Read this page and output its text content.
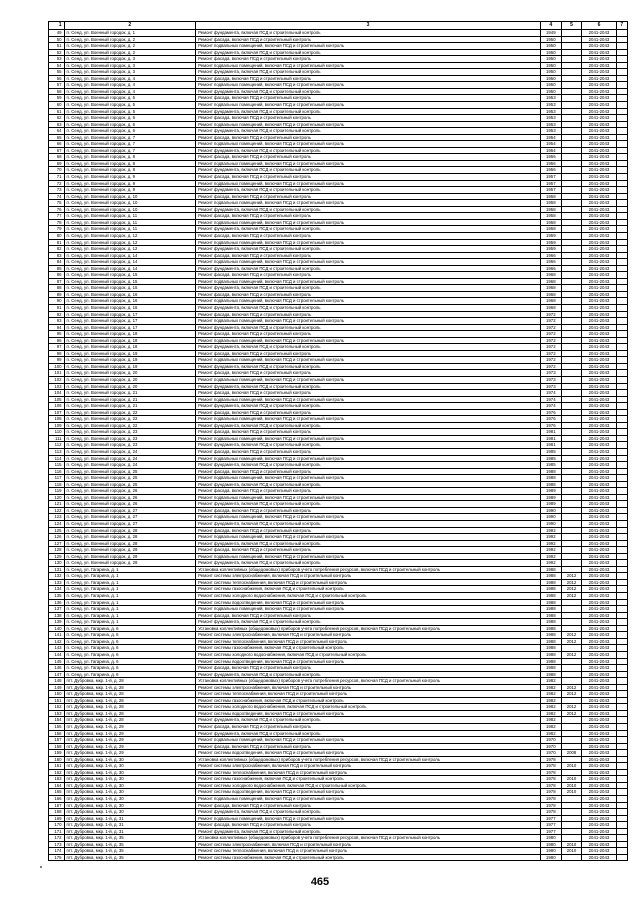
1	2	3	4	5	6	7
49	п. Сенд, ул. Военный городок, д. 1	Ремонт фундамента, включая ПСД и строительный контроль	1949		2041-2043	
50	п. Сенд, ул. Военный городок, д. 2	Ремонт фасада, включая ПСД и строительный контроль	1950		2041-2043	
51	п. Сенд, ул. Военный городок, д. 2	Ремонт подвальных помещений, включая ПСД и строительный контроль	1950		2041-2043	
52	п. Сенд, ул. Военный городок, д. 2	Ремонт фундамента, включая ПСД и строительный контроль	1950		2041-2043	
53	п. Сенд, ул. Военный городок, д. 3	Ремонт фасада, включая ПСД и строительный контроль	1950		2041-2043	
54	п. Сенд, ул. Военный городок, д. 3	Ремонт подвальных помещений, включая ПСД и строительный контроль	1950		2041-2043	
55	п. Сенд, ул. Военный городок, д. 3	Ремонт фундамента, включая ПСД и строительный контроль	1950		2041-2043	
56	п. Сенд, ул. Военный городок, д. 4	Ремонт фасада, включая ПСД и строительный контроль	1950		2041-2043	
57	п. Сенд, ул. Военный городок, д. 4	Ремонт подвальных помещений, включая ПСД и строительный контроль	1950		2041-2043	
58	п. Сенд, ул. Военный городок, д. 4	Ремонт фундамента, включая ПСД и строительный контроль	1950		2041-2043	
59	п. Сенд, ул. Военный городок, д. 5	Ремонт фасада, включая ПСД и строительный контроль	1953		2041-2043	
60	п. Сенд, ул. Военный городок, д. 5	Ремонт подвальных помещений, включая ПСД и строительный контроль	1953		2041-2043	
61	п. Сенд, ул. Военный городок, д. 5	Ремонт фундамента, включая ПСД и строительный контроль	1953		2041-2043	
62	п. Сенд, ул. Военный городок, д. 6	Ремонт фасада, включая ПСД и строительный контроль	1953		2041-2043	
63	п. Сенд, ул. Военный городок, д. 6	Ремонт подвальных помещений, включая ПСД и строительный контроль	1953		2041-2043	
64	п. Сенд, ул. Военный городок, д. 6	Ремонт фундамента, включая ПСД и строительный контроль	1953		2041-2043	
65	п. Сенд, ул. Военный городок, д. 7	Ремонт фасада, включая ПСД и строительный контроль	1954		2041-2043	
66	п. Сенд, ул. Военный городок, д. 7	Ремонт подвальных помещений, включая ПСД и строительный контроль	1954		2041-2043	
67	п. Сенд, ул. Военный городок, д. 7	Ремонт фундамента, включая ПСД и строительный контроль	1954		2041-2043	
68	п. Сенд, ул. Военный городок, д. 8	Ремонт фасада, включая ПСД и строительный контроль	1956		2041-2043	
69	п. Сенд, ул. Военный городок, д. 8	Ремонт подвальных помещений, включая ПСД и строительный контроль	1956		2041-2043	
70	п. Сенд, ул. Военный городок, д. 8	Ремонт фундамента, включая ПСД и строительный контроль	1956		2041-2043	
71	п. Сенд, ул. Военный городок, д. 9	Ремонт фасада, включая ПСД и строительный контроль	1957		2041-2043	
72	п. Сенд, ул. Военный городок, д. 9	Ремонт подвальных помещений, включая ПСД и строительный контроль	1957		2041-2043	
73	п. Сенд, ул. Военный городок, д. 9	Ремонт фундамента, включая ПСД и строительный контроль	1957		2041-2043	
74	п. Сенд, ул. Военный городок, д. 10	Ремонт фасада, включая ПСД и строительный контроль	1958		2041-2043	
75	п. Сенд, ул. Военный городок, д. 10	Ремонт подвальных помещений, включая ПСД и строительный контроль	1958		2041-2043	
76	п. Сенд, ул. Военный городок, д. 10	Ремонт фундамента, включая ПСД и строительный контроль	1958		2041-2043	
77	п. Сенд, ул. Военный городок, д. 11	Ремонт фасада, включая ПСД и строительный контроль	1958		2041-2043	
78	п. Сенд, ул. Военный городок, д. 11	Ремонт подвальных помещений, включая ПСД и строительный контроль	1958		2041-2043	
79	п. Сенд, ул. Военный городок, д. 11	Ремонт фундамента, включая ПСД и строительный контроль	1958		2041-2043	
80	п. Сенд, ул. Военный городок, д. 12	Ремонт фасада, включая ПСД и строительный контроль	1959		2041-2043	
81	п. Сенд, ул. Военный городок, д. 12	Ремонт подвальных помещений, включая ПСД и строительный контроль	1959		2041-2043	
82	п. Сенд, ул. Военный городок, д. 12	Ремонт фундамента, включая ПСД и строительный контроль	1959		2041-2043	
83	п. Сенд, ул. Военный городок, д. 14	Ремонт фасада, включая ПСД и строительный контроль	1966		2041-2043	
84	п. Сенд, ул. Военный городок, д. 14	Ремонт подвальных помещений, включая ПСД и строительный контроль	1966		2041-2043	
85	п. Сенд, ул. Военный городок, д. 14	Ремонт фундамента, включая ПСД и строительный контроль	1966		2041-2043	
86	п. Сенд, ул. Военный городок, д. 15	Ремонт фасада, включая ПСД и строительный контроль	1968		2041-2043	
87	п. Сенд, ул. Военный городок, д. 15	Ремонт подвальных помещений, включая ПСД и строительный контроль	1968		2041-2043	
88	п. Сенд, ул. Военный городок, д. 15	Ремонт фундамента, включая ПСД и строительный контроль	1968		2041-2043	
89	п. Сенд, ул. Военный городок, д. 16	Ремонт фасада, включая ПСД и строительный контроль	1968		2041-2043	
90	п. Сенд, ул. Военный городок, д. 16	Ремонт подвальных помещений, включая ПСД и строительный контроль	1968		2041-2043	
91	п. Сенд, ул. Военный городок, д. 16	Ремонт фундамента, включая ПСД и строительный контроль	1968		2041-2043	
92	п. Сенд, ул. Военный городок, д. 17	Ремонт фасада, включая ПСД и строительный контроль	1972		2041-2043	
93	п. Сенд, ул. Военный городок, д. 17	Ремонт подвальных помещений, включая ПСД и строительный контроль	1972		2041-2043	
94	п. Сенд, ул. Военный городок, д. 17	Ремонт фундамента, включая ПСД и строительный контроль	1972		2041-2043	
95	п. Сенд, ул. Военный городок, д. 18	Ремонт фасада, включая ПСД и строительный контроль	1972		2041-2043	
96	п. Сенд, ул. Военный городок, д. 18	Ремонт подвальных помещений, включая ПСД и строительный контроль	1972		2041-2043	
97	п. Сенд, ул. Военный городок, д. 18	Ремонт фундамента, включая ПСД и строительный контроль	1972		2041-2043	
98	п. Сенд, ул. Военный городок, д. 19	Ремонт фасада, включая ПСД и строительный контроль	1972		2041-2043	
99	п. Сенд, ул. Военный городок, д. 19	Ремонт подвальных помещений, включая ПСД и строительный контроль	1972		2041-2043	
100	п. Сенд, ул. Военный городок, д. 19	Ремонт фундамента, включая ПСД и строительный контроль	1972		2041-2043	
101	п. Сенд, ул. Военный городок, д. 20	Ремонт фасада, включая ПСД и строительный контроль	1973		2041-2043	
102	п. Сенд, ул. Военный городок, д. 20	Ремонт подвальных помещений, включая ПСД и строительный контроль	1973		2041-2043	
103	п. Сенд, ул. Военный городок, д. 20	Ремонт фундамента, включая ПСД и строительный контроль	1973		2041-2043	
104	п. Сенд, ул. Военный городок, д. 21	Ремонт фасада, включая ПСД и строительный контроль	1974		2041-2043	
105	п. Сенд, ул. Военный городок, д. 21	Ремонт подвальных помещений, включая ПСД и строительный контроль	1974		2041-2043	
106	п. Сенд, ул. Военный городок, д. 21	Ремонт фундамента, включая ПСД и строительный контроль	1974		2041-2043	
107	п. Сенд, ул. Военный городок, д. 22	Ремонт фасада, включая ПСД и строительный контроль	1976		2041-2043	
108	п. Сенд, ул. Военный городок, д. 22	Ремонт подвальных помещений, включая ПСД и строительный контроль	1976		2041-2043	
109	п. Сенд, ул. Военный городок, д. 22	Ремонт фундамента, включая ПСД и строительный контроль	1976		2041-2043	
110	п. Сенд, ул. Военный городок, д. 23	Ремонт фасада, включая ПСД и строительный контроль	1981		2041-2043	
111	п. Сенд, ул. Военный городок, д. 23	Ремонт подвальных помещений, включая ПСД и строительный контроль	1981		2041-2043	
112	п. Сенд, ул. Военный городок, д. 23	Ремонт фундамента, включая ПСД и строительный контроль	1981		2041-2043	
113	п. Сенд, ул. Военный городок, д. 24	Ремонт фасада, включая ПСД и строительный контроль	1985		2041-2043	
114	п. Сенд, ул. Военный городок, д. 24	Ремонт подвальных помещений, включая ПСД и строительный контроль	1985		2041-2043	
115	п. Сенд, ул. Военный городок, д. 24	Ремонт фундамента, включая ПСД и строительный контроль	1985		2041-2043	
116	п. Сенд, ул. Военный городок, д. 25	Ремонт фасада, включая ПСД и строительный контроль	1988		2041-2043	
117	п. Сенд, ул. Военный городок, д. 25	Ремонт подвальных помещений, включая ПСД и строительный контроль	1988		2041-2043	
118	п. Сенд, ул. Военный городок, д. 25	Ремонт фундамента, включая ПСД и строительный контроль	1988		2041-2043	
119	п. Сенд, ул. Военный городок, д. 26	Ремонт фасада, включая ПСД и строительный контроль	1989		2041-2043	
120	п. Сенд, ул. Военный городок, д. 26	Ремонт подвальных помещений, включая ПСД и строительный контроль	1989		2041-2043	
121	п. Сенд, ул. Военный городок, д. 26	Ремонт фундамента, включая ПСД и строительный контроль	1989		2041-2043	
122	п. Сенд, ул. Военный городок, д. 27	Ремонт фасада, включая ПСД и строительный контроль	1990		2041-2043	
123	п. Сенд, ул. Военный городок, д. 27	Ремонт подвальных помещений, включая ПСД и строительный контроль	1990		2041-2043	
124	п. Сенд, ул. Военный городок, д. 27	Ремонт фундамента, включая ПСД и строительный контроль	1990		2041-2043	
125	п. Сенд, ул. Военный городок, д. 28	Ремонт фасада, включая ПСД и строительный контроль	1992		2041-2043	
126	п. Сенд, ул. Военный городок, д. 28	Ремонт подвальных помещений, включая ПСД и строительный контроль	1992		2041-2043	
127	п. Сенд, ул. Военный городок, д. 28	Ремонт фундамента, включая ПСД и строительный контроль	1992		2041-2043	
128	п. Сенд, ул. Военный городок, д. 29	Ремонт фасада, включая ПСД и строительный контроль	1992		2041-2043	
129	п. Сенд, ул. Военный городок, д. 29	Ремонт подвальных помещений, включая ПСД и строительный контроль	1992		2041-2043	
130	п. Сенд, ул. Военный городок, д. 29	Ремонт фундамента, включая ПСД и строительный контроль	1992		2041-2043	
131	п. Сенд, ул. Гагарина, д. 1	Установка коллективных (общедомовых) приборов учета потребления ресурсов, включая ПСД и строительный контроль	1988		2041-2043	
132	п. Сенд, ул. Гагарина, д. 1	Ремонт системы электроснабжения, включая ПСД и строительный контроль	1988	2012	2041-2043	
133	п. Сенд, ул. Гагарина, д. 1	Ремонт системы теплоснабжения, включая ПСД и строительный контроль	1988	2012	2041-2043	
134	п. Сенд, ул. Гагарина, д. 1	Ремонт системы газоснабжения, включая ПСД и строительный контроль	1988	2012	2041-2043	
135	п. Сенд, ул. Гагарина, д. 1	Ремонт системы холодного водоснабжения, включая ПСД и строительный контроль	1988	2012	2041-2043	
136	п. Сенд, ул. Гагарина, д. 1	Ремонт системы водоотведения, включая ПСД и строительный контроль	1988		2041-2043	
137	п. Сенд, ул. Гагарина, д. 1	Ремонт подвальных помещений, включая ПСД и строительный контроль	1988		2041-2043	
138	п. Сенд, ул. Гагарина, д. 1	Ремонт фасада, включая ПСД и строительный контроль	1988		2041-2043	
139	п. Сенд, ул. Гагарина, д. 1	Ремонт фундамента, включая ПСД и строительный контроль	1988		2041-2043	
140	п. Сенд, ул. Гагарина, д. 6	Установка коллективных (общедомовых) приборов учета потребления ресурсов, включая ПСД и строительный контроль	1988		2041-2043	
141	п. Сенд, ул. Гагарина, д. 6	Ремонт системы электроснабжения, включая ПСД и строительный контроль	1988	2012	2041-2043	
142	п. Сенд, ул. Гагарина, д. 6	Ремонт системы теплоснабжения, включая ПСД и строительный контроль	1988	2012	2041-2043	
143	п. Сенд, ул. Гагарина, д. 6	Ремонт системы газоснабжения, включая ПСД и строительный контроль	1988		2041-2043	
144	п. Сенд, ул. Гагарина, д. 6	Ремонт системы холодного водоснабжения, включая ПСД и строительный контроль	1988	2012	2041-2043	
145	п. Сенд, ул. Гагарина, д. 6	Ремонт системы водоотведения, включая ПСД и строительный контроль	1988		2041-2043	
146	п. Сенд, ул. Гагарина, д. 6	Ремонт фасада, включая ПСД и строительный контроль	1988		2041-2043	
147	п. Сенд, ул. Гагарина, д. 6	Ремонт фундамента, включая ПСД и строительный контроль	1988		2041-2043	
148	пгт. Дубровка, мкр. 1-й, д. 28	Установка коллективных (общедомовых) приборов учета потребления ресурсов, включая ПСД и строительный контроль	1982		2041-2043	
149	пгт. Дубровка, мкр. 1-й, д. 28	Ремонт системы электроснабжения, включая ПСД и строительный контроль	1982	2012	2041-2043	
150	пгт. Дубровка, мкр. 1-й, д. 28	Ремонт системы теплоснабжения, включая ПСД и строительный контроль	1982	2012	2041-2043	
151	пгт. Дубровка, мкр. 1-й, д. 28	Ремонт системы газоснабжения, включая ПСД и строительный контроль	1982		2041-2043	
152	пгт. Дубровка, мкр. 1-й, д. 28	Ремонт системы холодного водоснабжения, включая ПСД и строительный контроль	1982	2012	2041-2043	
153	пгт. Дубровка, мкр. 1-й, д. 28	Ремонт системы водоотведения, включая ПСД и строительный контроль	1982	2012	2041-2043	
154	пгт. Дубровка, мкр. 1-й, д. 28	Ремонт фундамента, включая ПСД и строительный контроль	1982		2041-2043	
155	пгт. Дубровка, мкр. 1-й, д. 29	Ремонт фасада, включая ПСД и строительный контроль	1982		2041-2043	
156	пгт. Дубровка, мкр. 1-й, д. 29	Ремонт фундамента, включая ПСД и строительный контроль	1982		2041-2043	
157	пгт. Дубровка, мкр. 1-й, д. 29	Ремонт подвальных помещений, включая ПСД и строительный контроль	1970		2041-2043	
158	пгт. Дубровка, мкр. 1-й, д. 29	Ремонт фасада, включая ПСД и строительный контроль	1970		2041-2043	
159	пгт. Дубровка, мкр. 1-й, д. 29	Ремонт системы водоотведения, включая ПСД и строительный контроль	1970	2008	2041-2043	
160	пгт. Дубровка, мкр. 1-й, д. 30	Установка коллективных (общедомовых) приборов учета потребления ресурсов, включая ПСД и строительный контроль	1978		2041-2043	
161	пгт. Дубровка, мкр. 1-й, д. 30	Ремонт системы электроснабжения, включая ПСД и строительный контроль	1978	2010	2041-2043	
162	пгт. Дубровка, мкр. 1-й, д. 30	Ремонт системы теплоснабжения, включая ПСД и строительный контроль	1978		2041-2043	
163	пгт. Дубровка, мкр. 1-й, д. 30	Ремонт системы газоснабжения, включая ПСД и строительный контроль	1978	2010	2041-2043	
164	пгт. Дубровка, мкр. 1-й, д. 30	Ремонт системы холодного водоснабжения, включая ПСД и строительный контроль	1978	2010	2041-2043	
165	пгт. Дубровка, мкр. 1-й, д. 30	Ремонт системы водоотведения, включая ПСД и строительный контроль	1978	2010	2041-2043	
166	пгт. Дубровка, мкр. 1-й, д. 30	Ремонт подвальных помещений, включая ПСД и строительный контроль	1978		2041-2043	
167	пгт. Дубровка, мкр. 1-й, д. 30	Ремонт фасада, включая ПСД и строительный контроль	1978		2041-2043	
168	пгт. Дубровка, мкр. 1-й, д. 30	Ремонт фундамента, включая ПСД и строительный контроль	1978		2041-2043	
169	пгт. Дубровка, мкр. 1-й, д. 31	Ремонт подвальных помещений, включая ПСД и строительный контроль	1977		2041-2043	
170	пгт. Дубровка, мкр. 1-й, д. 31	Ремонт фасада, включая ПСД и строительный контроль	1977		2041-2043	
171	пгт. Дубровка, мкр. 1-й, д. 31	Ремонт фундамента, включая ПСД и строительный контроль	1977		2041-2043	
172	пгт. Дубровка, мкр. 1-й, д. 35	Установка коллективных (общедомовых) приборов учета потребления ресурсов, включая ПСД и строительный контроль	1980		2041-2043	
173	пгт. Дубровка, мкр. 1-й, д. 35	Ремонт системы электроснабжения, включая ПСД и строительный контроль	1980	2010	2041-2043	
174	пгт. Дубровка, мкр. 1-й, д. 35	Ремонт системы теплоснабжения, включая ПСД и строительный контроль	1980	2010	2041-2043	
175	пгт. Дубровка, мкр. 1-й, д. 35	Ремонт системы газоснабжения, включая ПСД и строительный контроль	1980		2041-2043	
465
